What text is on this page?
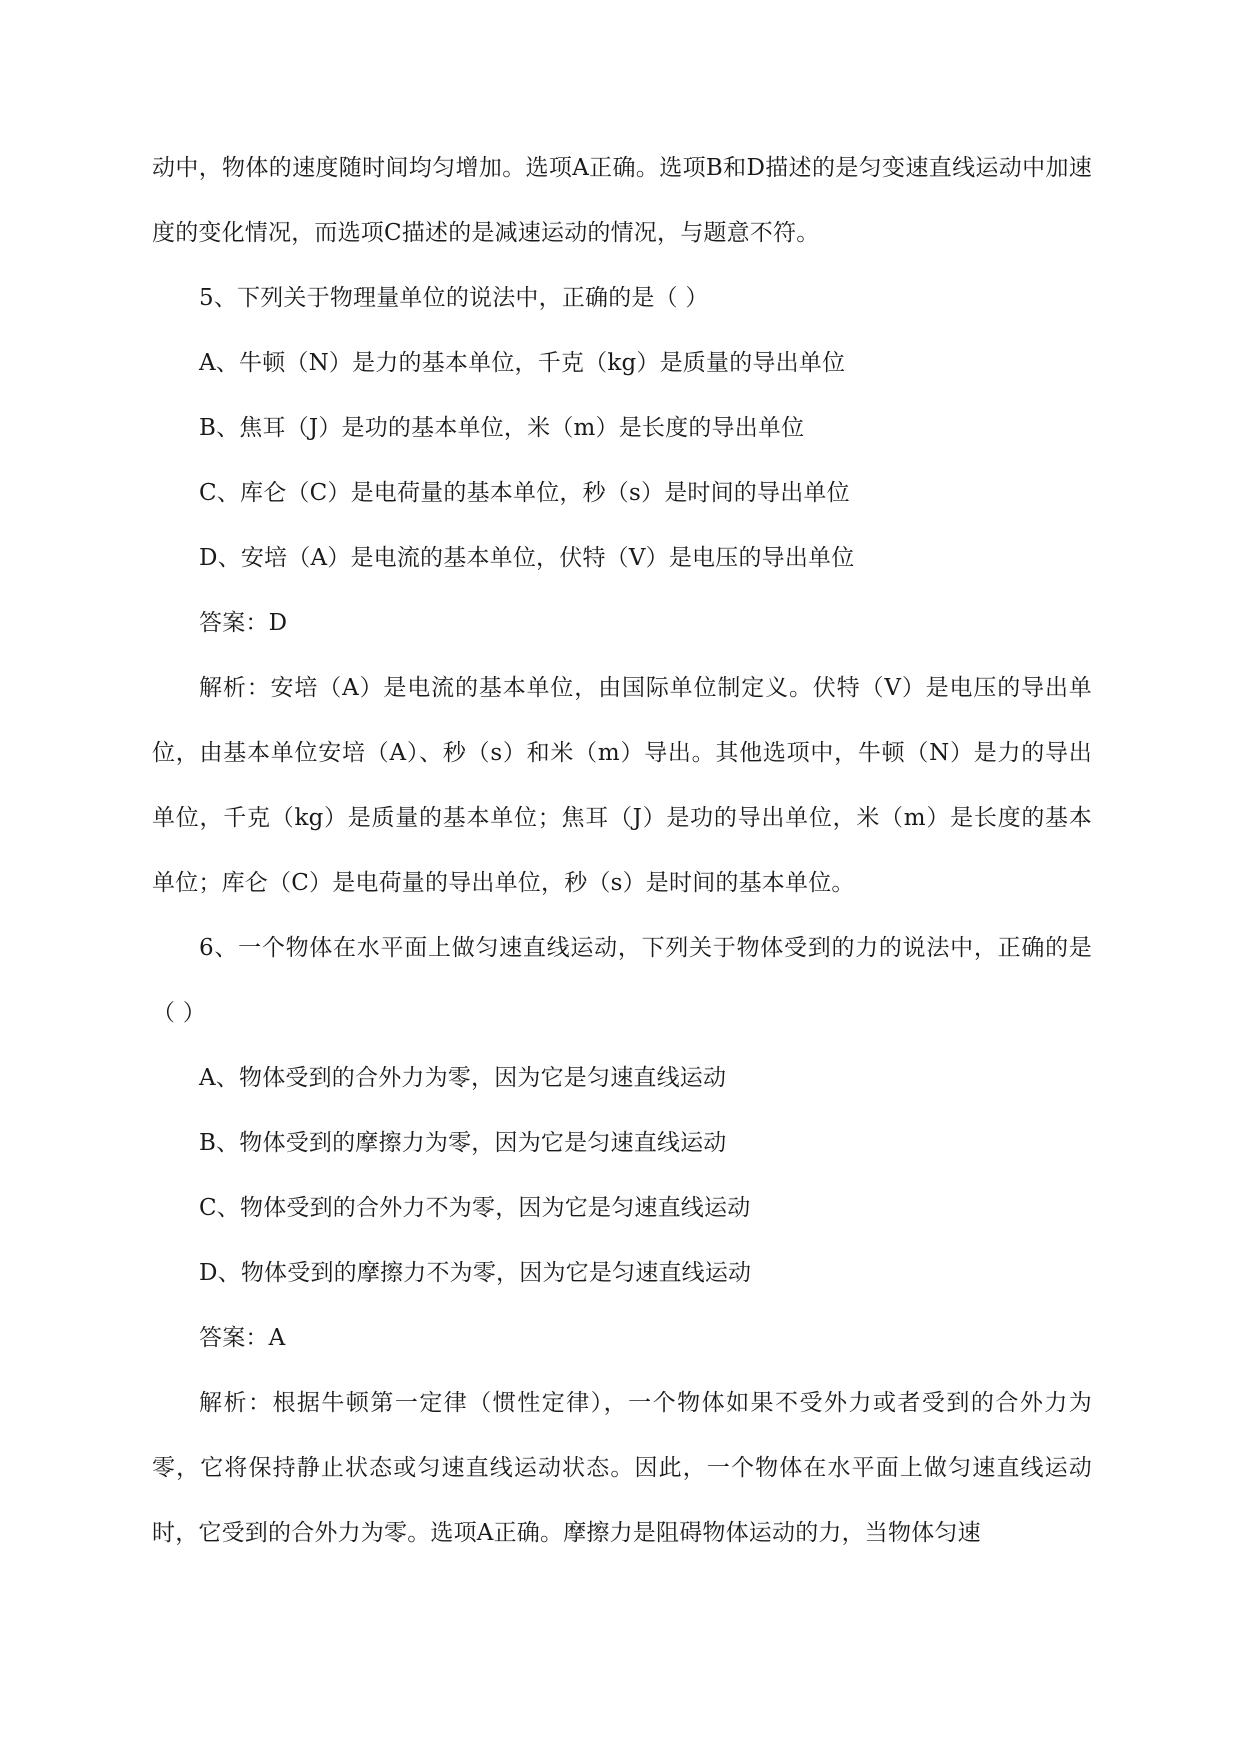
动中，物体的速度随时间均匀增加。选项A正确。选项B和D描述的是匀变速直线运动中加速度的变化情况，而选项C描述的是减速运动的情况，与题意不符。

5、下列关于物理量单位的说法中，正确的是（ ）

A、牛顿（N）是力的基本单位，千克（kg）是质量的导出单位

B、焦耳（J）是功的基本单位，米（m）是长度的导出单位

C、库仑（C）是电荷量的基本单位，秒（s）是时间的导出单位

D、安培（A）是电流的基本单位，伏特（V）是电压的导出单位

答案：D

解析：安培（A）是电流的基本单位，由国际单位制定义。伏特（V）是电压的导出单位，由基本单位安培（A）、秒（s）和米（m）导出。其他选项中，牛顿（N）是力的导出单位，千克（kg）是质量的基本单位；焦耳（J）是功的导出单位，米（m）是长度的基本单位；库仑（C）是电荷量的导出单位，秒（s）是时间的基本单位。

6、一个物体在水平面上做匀速直线运动，下列关于物体受到的力的说法中，正确的是（ ）

A、物体受到的合外力为零，因为它是匀速直线运动

B、物体受到的摩擦力为零，因为它是匀速直线运动

C、物体受到的合外力不为零，因为它是匀速直线运动

D、物体受到的摩擦力不为零，因为它是匀速直线运动

答案：A

解析：根据牛顿第一定律（惯性定律），一个物体如果不受外力或者受到的合外力为零，它将保持静止状态或匀速直线运动状态。因此，一个物体在水平面上做匀速直线运动时，它受到的合外力为零。选项A正确。摩擦力是阻碍物体运动的力，当物体匀速
